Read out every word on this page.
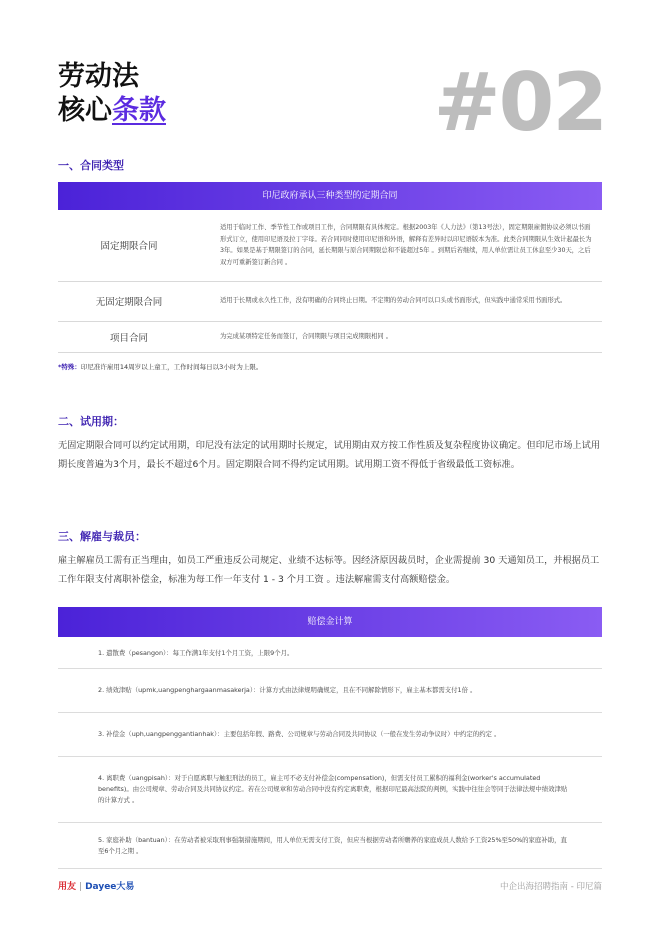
劳动法
核心条款	#02
一、合同类型
印尼政府承认三种类型的定期合同
固定期限合同	适用于临时工作、季节性工作或项目工作，合同期限有具体规定。根据2003年《人力法》（第13号法），固定期限雇佣协议必须以书面形式订立，使用印尼语及拉丁字母。若合同同时使用印尼语和外语，解释有差异时以印尼语版本为准。此类合同期限从生效计起最长为3年。如果是基于期限签订的合同，延长期限与原合同期限总和不能超过5年 。到期后若继续，用人单位需让员工休息至少30天，之后双方可重新签订新合同 。
无固定期限合同	适用于长期或永久性工作，没有明确的合同终止日期。不定期的劳动合同可以口头或书面形式，但实践中通常采用书面形式。
项目合同	为完成某项特定任务而签订，合同期限与项目完成期限相同 。
*特殊：印尼准许雇用14周岁以上童工，工作时间每日以3小时为上限。
二、试用期：
无固定期限合同可以约定试用期，印尼没有法定的试用期时长规定，试用期由双方按工作性质及复杂程度协议确定。但印尼市场上试用期长度普遍为3个月，最长不超过6个月。固定期限合同不得约定试用期。试用期工资不得低于省级最低工资标准。
三、解雇与裁员：
雇主解雇员工需有正当理由，如员工严重违反公司规定、业绩不达标等。因经济原因裁员时，企业需提前 30 天通知员工，并根据员工工作年限支付离职补偿金，标准为每工作一年支付 1 - 3 个月工资 。违法解雇需支付高额赔偿金。
赔偿金计算
1. 遣散费（pesangon）：每工作满1年支付1个月工资，上限9个月。
2. 绩效津贴（upmk,uangpenghargaanmasakerja）：计算方式由法律规明确规定，且在不同解除情形下，雇主基本都需支付1倍 。
3. 补偿金（uph,uangpenggantianhak）：主要包括年假、路费、公司规章与劳动合同及共同协议（一般在发生劳动争议时）中约定的约定 。
4. 离职费（uangpisah）：对于自愿离职与触犯刑法的员工，雇主可不必支付补偿金(compensation)，但需支付员工累积的福利金(worker's accumulated benefits)。由公司规章、劳动合同及共同协议约定。若在公司规章和劳动合同中没有约定离职费，根据印尼最高法院的判例，实践中往往会等同于法律法规中绩效津贴的计算方式 。
5. 家庭补助（bantuan）：在劳动者被采取刑事强制措施期间，用人单位无需支付工资，但应当根据劳动者所赡养的家庭成员人数给予工资25%至50%的家庭补助，直至6个月之期 。
用友 | Dayee大易	中企出海招聘指南 - 印尼篇
